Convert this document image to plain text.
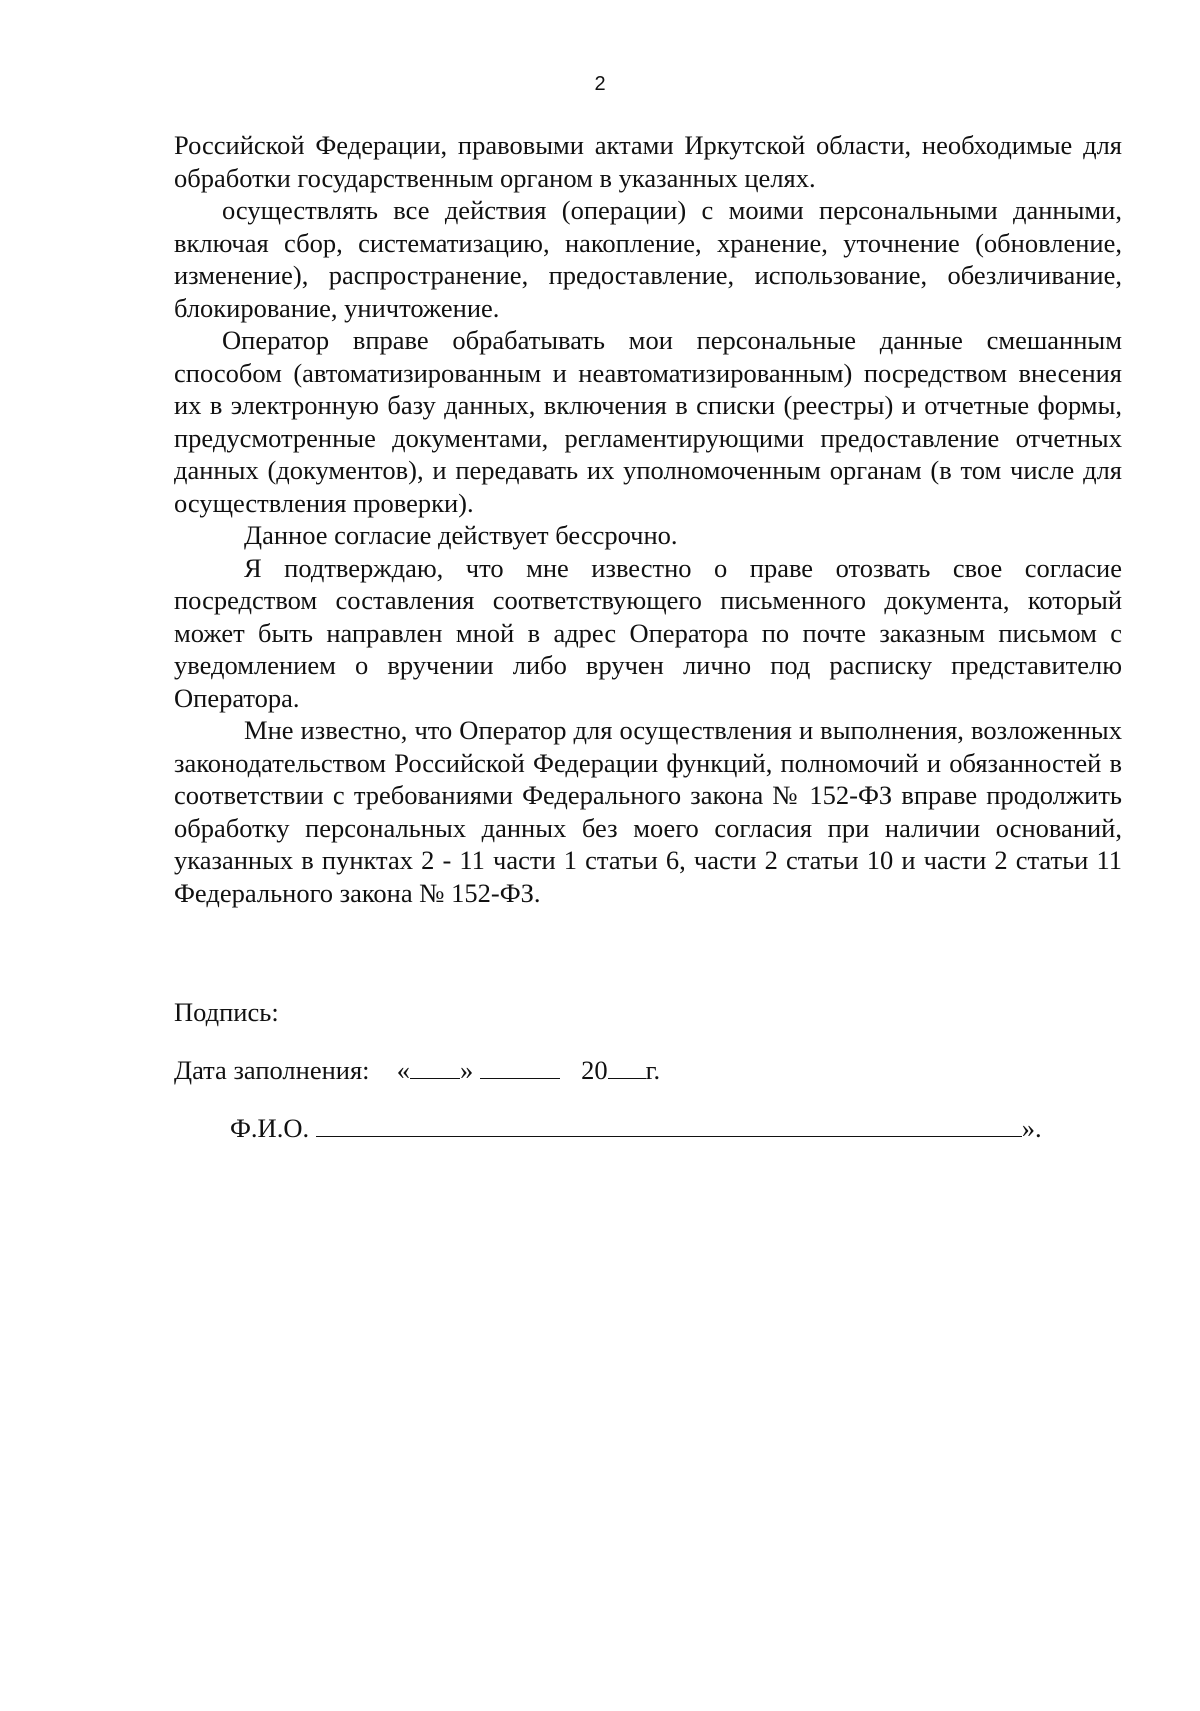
2

Российской Федерации, правовыми актами Иркутской области, необходимые для обработки государственным органом в указанных целях.

осуществлять все действия (операции) с моими персональными данными, включая сбор, систематизацию, накопление, хранение, уточнение (обновление, изменение), распространение, предоставление, использование, обезличивание, блокирование, уничтожение.

Оператор вправе обрабатывать мои персональные данные смешанным способом (автоматизированным и неавтоматизированным) посредством внесения их в электронную базу данных, включения в списки (реестры) и отчетные формы, предусмотренные документами, регламентирующими предоставление отчетных данных (документов), и передавать их уполномоченным органам (в том числе для осуществления проверки).

Данное согласие действует бессрочно.

Я подтверждаю, что мне известно о праве отозвать свое согласие посредством составления соответствующего письменного документа, который может быть направлен мной в адрес Оператора по почте заказным письмом с уведомлением о вручении либо вручен лично под расписку представителю Оператора.

Мне известно, что Оператор для осуществления и выполнения, возложенных законодательством Российской Федерации функций, полномочий и обязанностей в соответствии с требованиями Федерального закона № 152-ФЗ вправе продолжить обработку персональных данных без моего согласия при наличии оснований, указанных в пунктах 2 - 11 части 1 статьи 6, части 2 статьи 10 и части 2 статьи 11 Федерального закона № 152-ФЗ.

Подпись:
Дата заполнения: « »	20 г.
Ф.И.О.	».
